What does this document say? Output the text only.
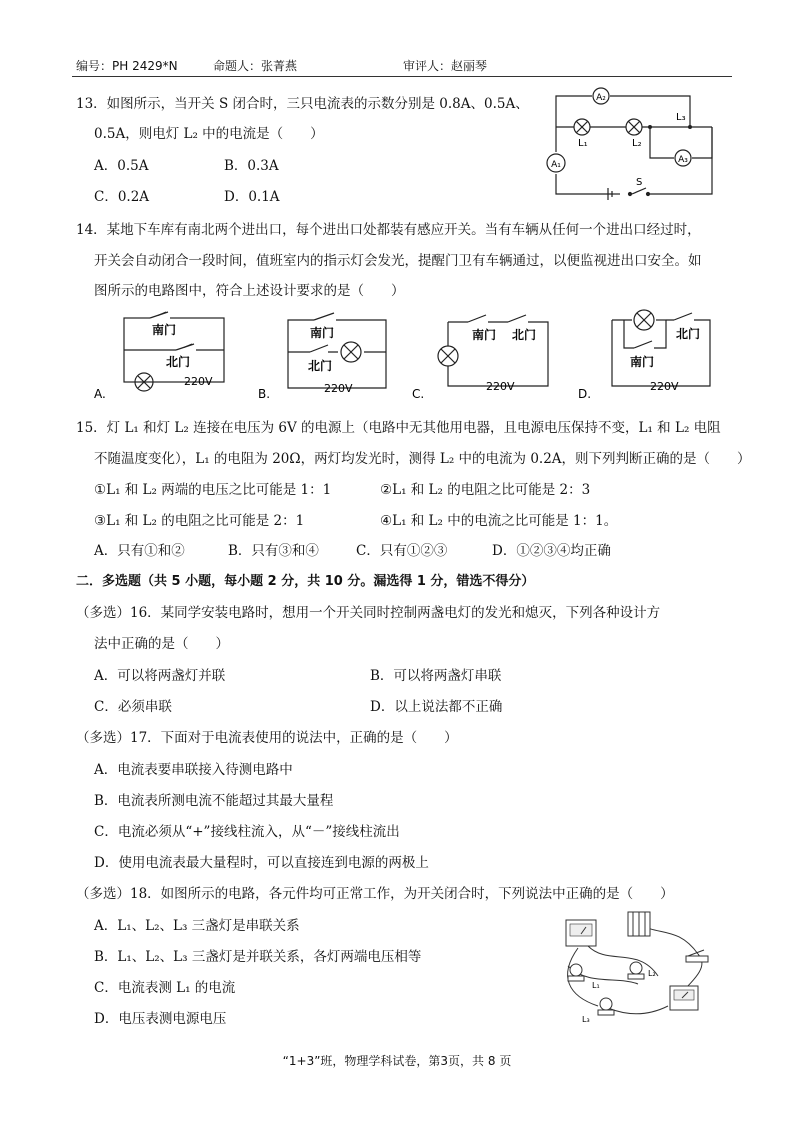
编号：PH 2429*N	命题人：张菁燕	审评人：赵丽琴
13．如图所示，当开关 S 闭合时，三只电流表的示数分别是 0.8A、0.5A、
0.5A，则电灯 L₂ 中的电流是（　　）
A．0.5A	B．0.3A
C．0.2A	D．0.1A
A₂
A₃
A₁
L₁	L₂
L₃
S
14．某地下车库有南北两个进出口，每个进出口处都装有感应开关。当有车辆从任何一个进出口经过时，
开关会自动闭合一段时间，值班室内的指示灯会发光，提醒门卫有车辆通过，以便监视进出口安全。如
图所示的电路图中，符合上述设计要求的是（　　）
南门
北门
220V
A.
南门
北门
220V
B.
南门 北门
220V
C.
北门
南门
220V
D.
15．灯 L₁ 和灯 L₂ 连接在电压为 6V 的电源上（电路中无其他用电器，且电源电压保持不变，L₁ 和 L₂ 电阻
不随温度变化），L₁ 的电阻为 20Ω，两灯均发光时，测得 L₂ 中的电流为 0.2A，则下列判断正确的是（　　）
①L₁ 和 L₂ 两端的电压之比可能是 1：1	②L₁ 和 L₂ 的电阻之比可能是 2：3
③L₁ 和 L₂ 的电阻之比可能是 2：1	④L₁ 和 L₂ 中的电流之比可能是 1：1。
A．只有①和②	B．只有③和④	C．只有①②③	D．①②③④均正确
二．多选题（共 5 小题，每小题 2 分，共 10 分。漏选得 1 分，错选不得分）
（多选）16．某同学安装电路时，想用一个开关同时控制两盏电灯的发光和熄灭，下列各种设计方
法中正确的是（　　）
A．可以将两盏灯并联	B．可以将两盏灯串联
C．必须串联	D．以上说法都不正确
（多选）17．下面对于电流表使用的说法中，正确的是（　　）
A．电流表要串联接入待测电路中
B．电流表所测电流不能超过其最大量程
C．电流必须从“+”接线柱流入，从“－”接线柱流出
D．使用电流表最大量程时，可以直接连到电源的两极上
（多选）18．如图所示的电路，各元件均可正常工作，为开关闭合时，下列说法中正确的是（　　）
A．L₁、L₂、L₃ 三盏灯是串联关系
B．L₁、L₂、L₃ 三盏灯是并联关系，各灯两端电压相等
C．电流表测 L₁ 的电流
D．电压表测电源电压
L₁
L₂
L₃
“1+3”班，物理学科试卷，第3页，共 8 页
